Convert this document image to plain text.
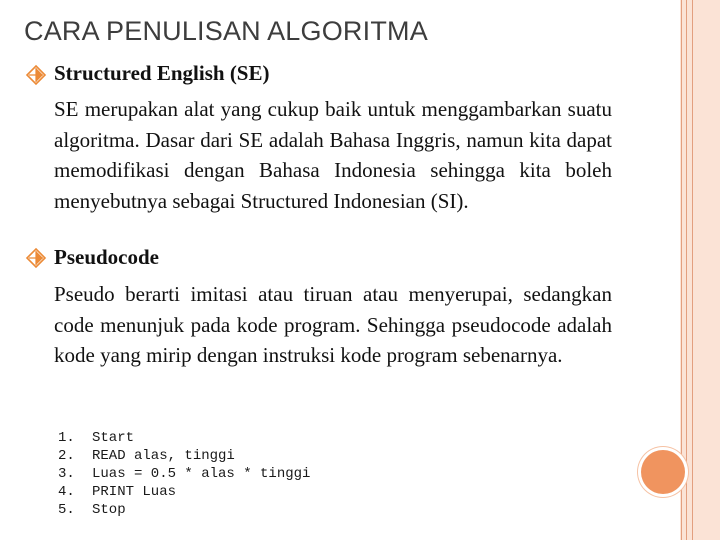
CARA PENULISAN ALGORITMA
Structured English (SE)

SE merupakan alat yang cukup baik untuk menggambarkan suatu algoritma. Dasar dari SE adalah Bahasa Inggris, namun kita dapat memodifikasi dengan Bahasa Indonesia sehingga kita boleh menyebutnya sebagai Structured Indonesian (SI).

Pseudocode

Pseudo berarti imitasi atau tiruan atau menyerupai, sedangkan code menunjuk pada kode program. Sehingga pseudocode adalah kode yang mirip dengan instruksi kode program sebenarnya.

1. Start
2. READ alas, tinggi
3. Luas = 0.5 * alas * tinggi
4. PRINT Luas
5. Stop
